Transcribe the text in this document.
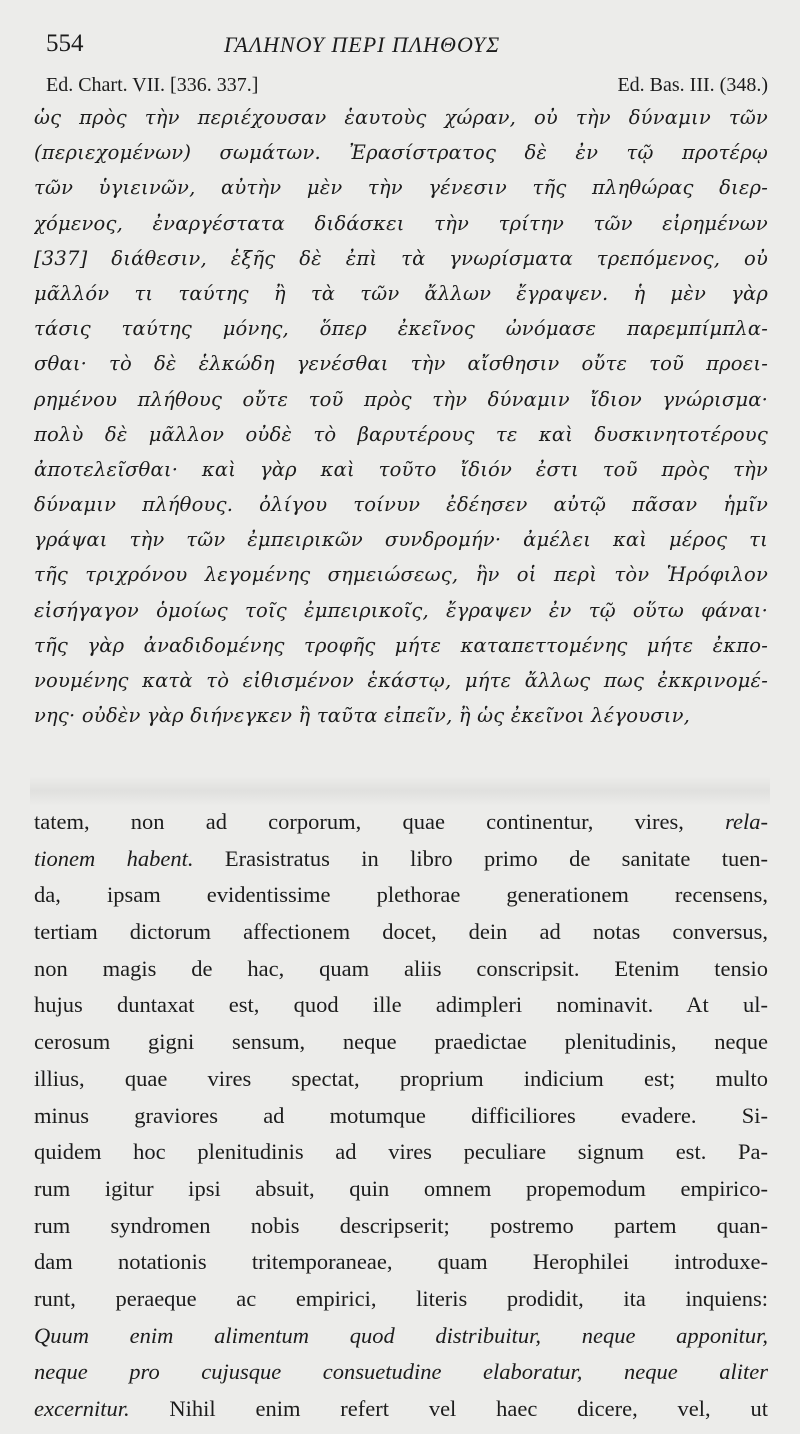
554	ΓΑΛΗΝΟΥ ΠΕΡΙ ΠΛΗΘΟΥΣ
Ed. Chart. VII. [336. 337.]	Ed. Bas. III. (348.)
ὡς πρὸς τὴν περιέχουσαν ἑαυτοὺς χώραν, οὐ τὴν δύναμιν τῶν
(περιεχομένων) σωμάτων. Ἐρασίστρατος δὲ ἐν τῷ προτέρῳ
τῶν ὑγιεινῶν, αὐτὴν μὲν τὴν γένεσιν τῆς πληθώρας διερ-
χόμενος, ἐναργέστατα διδάσκει τὴν τρίτην τῶν εἰρημένων
[337] διάθεσιν, ἑξῆς δὲ ἐπὶ τὰ γνωρίσματα τρεπόμενος, οὐ
μᾶλλόν τι ταύτης ἢ τὰ τῶν ἄλλων ἔγραψεν. ἡ μὲν γὰρ
τάσις ταύτης μόνης, ὅπερ ἐκεῖνος ὠνόμασε παρεμπίμπλα-
σθαι· τὸ δὲ ἑλκώδη γενέσθαι τὴν αἴσθησιν οὔτε τοῦ προει-
ρημένου πλήθους οὔτε τοῦ πρὸς τὴν δύναμιν ἴδιον γνώρισμα·
πολὺ δὲ μᾶλλον οὐδὲ τὸ βαρυτέρους τε καὶ δυσκινητοτέρους
ἀποτελεῖσθαι· καὶ γὰρ καὶ τοῦτο ἴδιόν ἐστι τοῦ πρὸς τὴν
δύναμιν πλήθους. ὀλίγου τοίνυν ἐδέησεν αὐτῷ πᾶσαν ἡμῖν
γράψαι τὴν τῶν ἐμπειρικῶν συνδρομήν· ἀμέλει καὶ μέρος τι
τῆς τριχρόνου λεγομένης σημειώσεως, ἣν οἱ περὶ τὸν Ἡρόφιλον
εἰσήγαγον ὁμοίως τοῖς ἐμπειρικοῖς, ἔγραψεν ἐν τῷ οὕτω φάναι·
τῆς γὰρ ἀναδιδομένης τροφῆς μήτε καταπεττομένης μήτε ἐκπο-
νουμένης κατὰ τὸ εἰθισμένον ἑκάστῳ, μήτε ἄλλως πως ἐκκρινομέ-
νης· οὐδὲν γὰρ διήνεγκεν ἢ ταῦτα εἰπεῖν, ἢ ὡς ἐκεῖνοι λέγουσιν,
tatem, non ad corporum, quae continentur, vires, rela-
tionem habent. Erasistratus in libro primo de sanitate tuen-
da, ipsam evidentissime plethorae generationem recensens,
tertiam dictorum affectionem docet, dein ad notas conversus,
non magis de hac, quam aliis conscripsit. Etenim tensio
hujus duntaxat est, quod ille adimpleri nominavit. At ul-
cerosum gigni sensum, neque praedictae plenitudinis, neque
illius, quae vires spectat, proprium indicium est; multo
minus graviores ad motumque difficiliores evadere. Si-
quidem hoc plenitudinis ad vires peculiare signum est. Pa-
rum igitur ipsi absuit, quin omnem propemodum empirico-
rum syndromen nobis descripserit; postremo partem quan-
dam notationis tritemporaneae, quam Herophilei introduxe-
runt, peraeque ac empirici, literis prodidit, ita inquiens:
Quum enim alimentum quod distribuitur, neque apponitur,
neque pro cujusque consuetudine elaboratur, neque aliter
excernitur. Nihil enim refert vel haec dicere, vel, ut
